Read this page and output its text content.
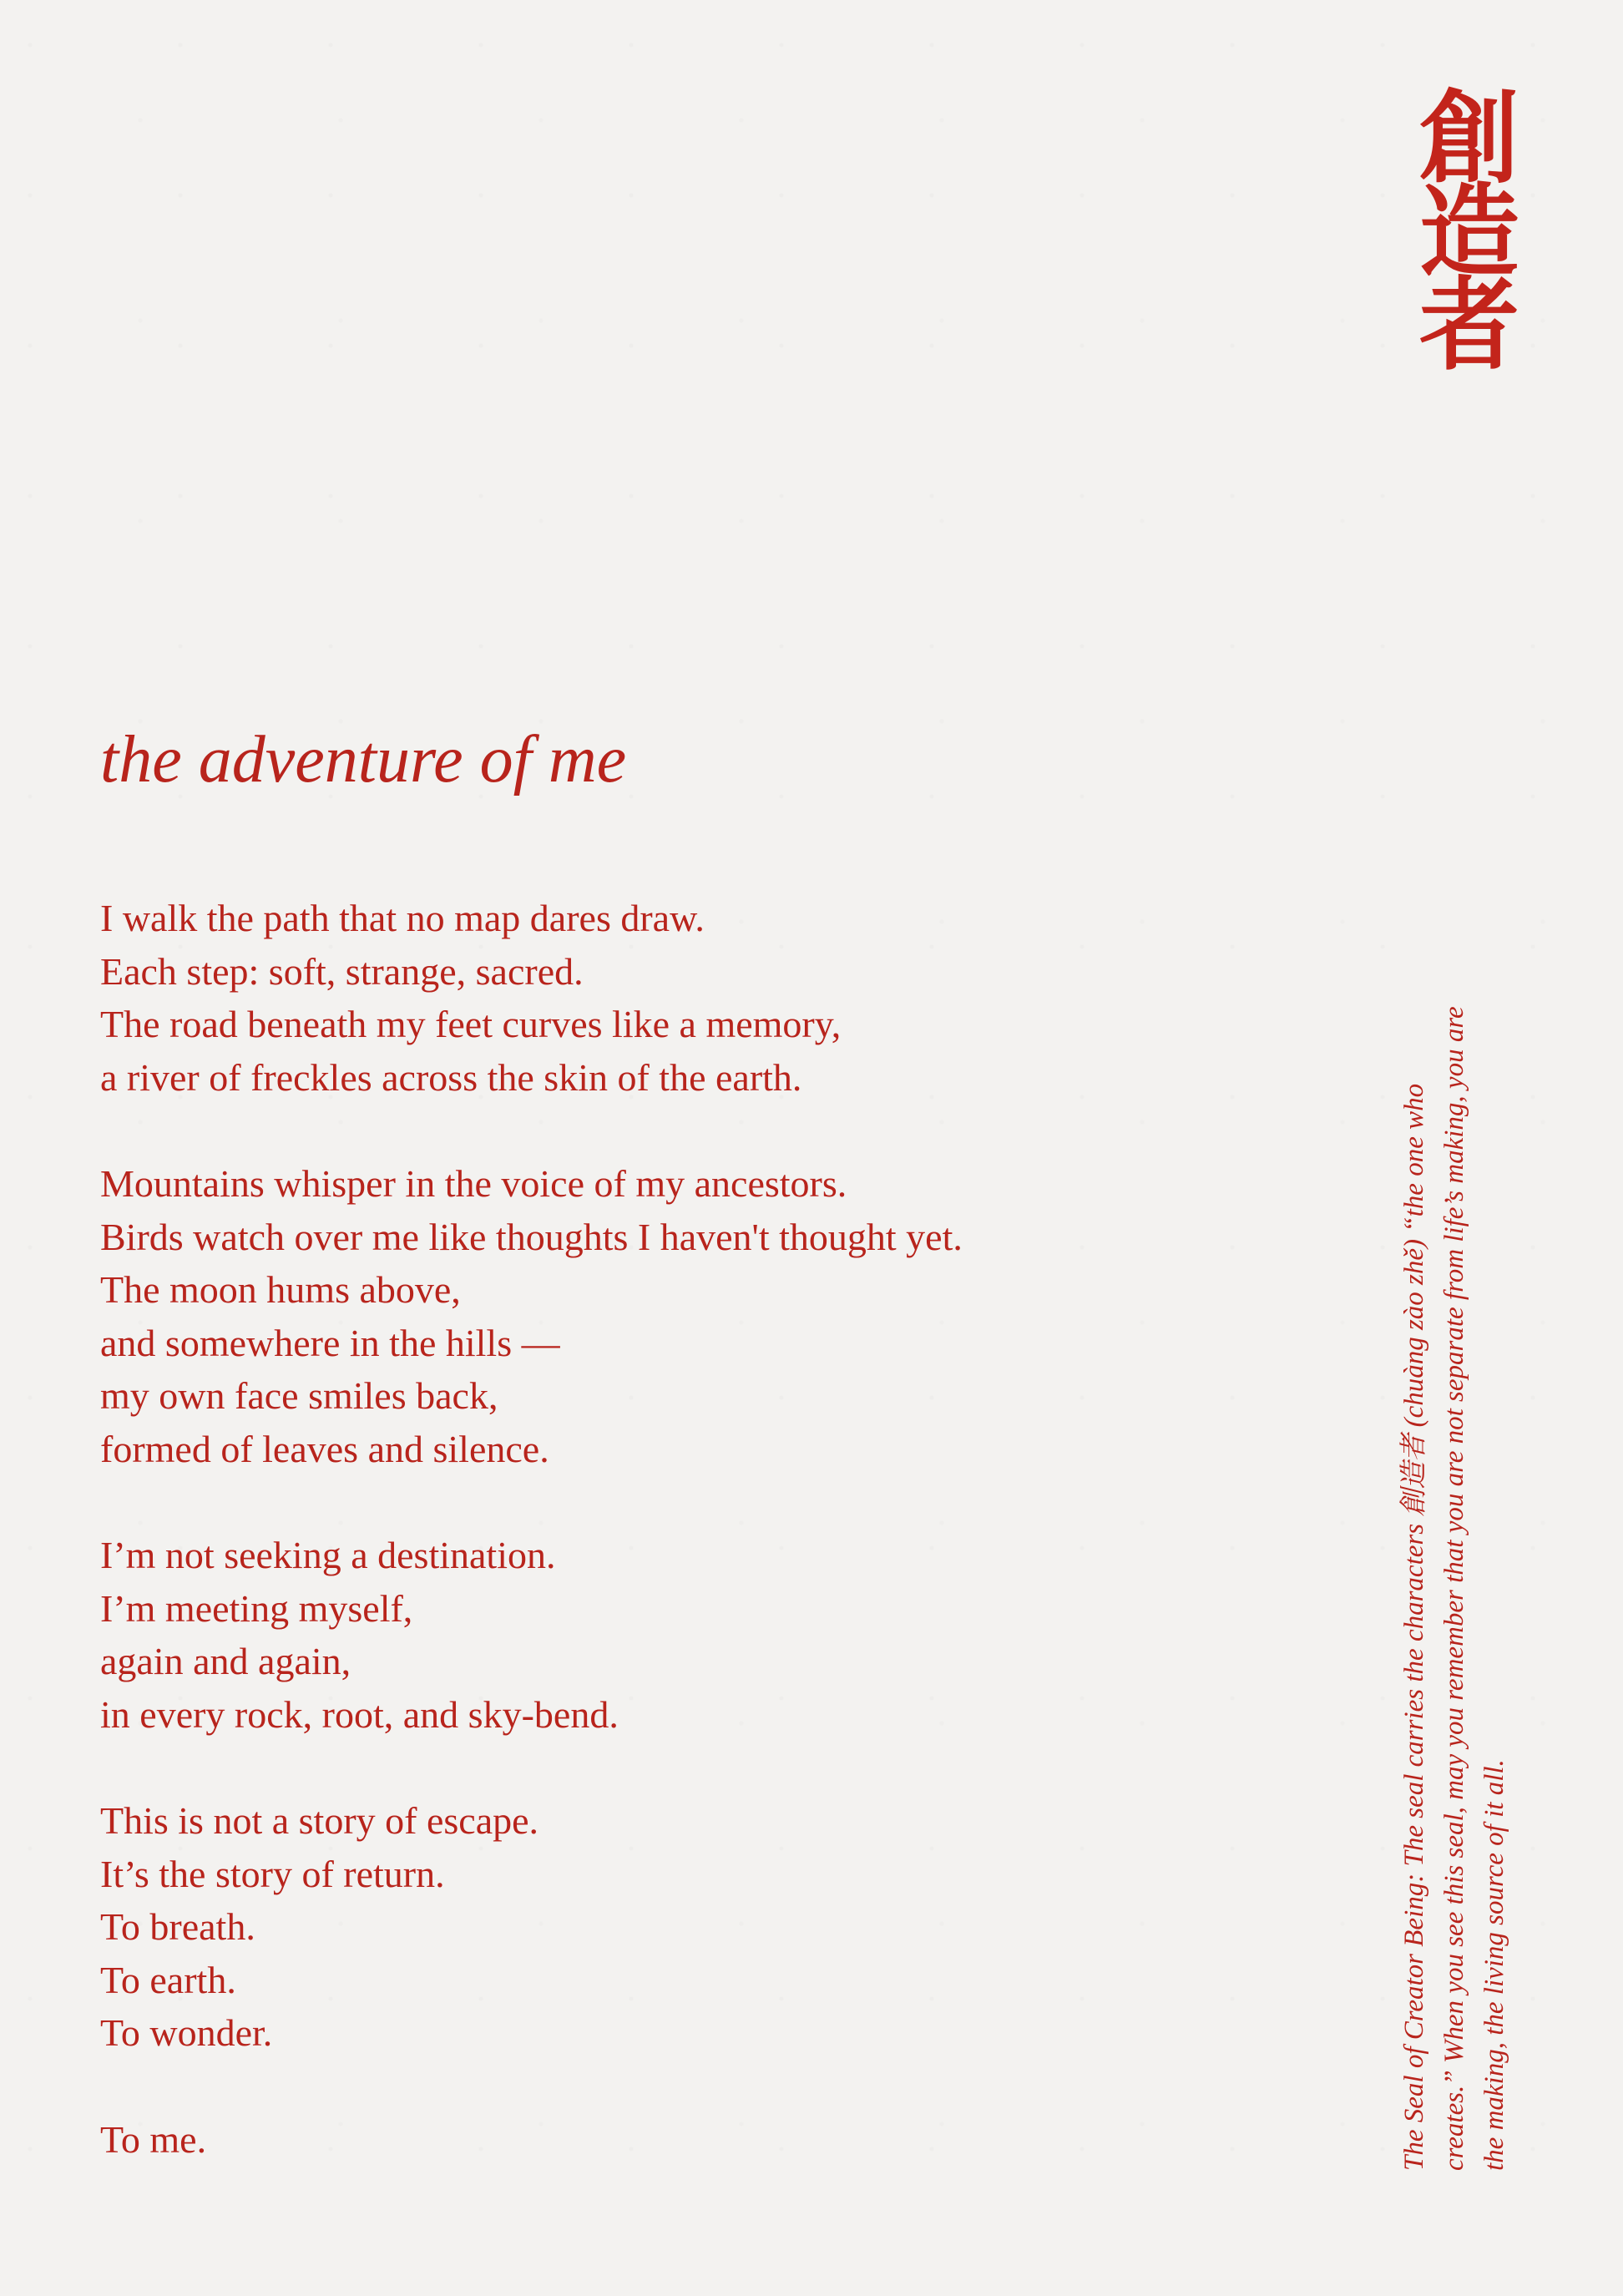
創
造
者
the adventure of me
I walk the path that no map dares draw.
Each step: soft, strange, sacred.
The road beneath my feet curves like a memory,
a river of freckles across the skin of the earth.
Mountains whisper in the voice of my ancestors.
Birds watch over me like thoughts I haven't thought yet.
The moon hums above,
and somewhere in the hills —
my own face smiles back,
formed of leaves and silence.
I’m not seeking a destination.
I’m meeting myself,
again and again,
in every rock, root, and sky-bend.
This is not a story of escape.
It’s the story of return.
To breath.
To earth.
To wonder.
To me.	The Seal of Creator Being: The seal carries the characters 創造者 (chuàng zào zhě) “the one who creates.” When you see this seal, may you remember that you are not separate from life’s making, you are the making, the living source of it all.
